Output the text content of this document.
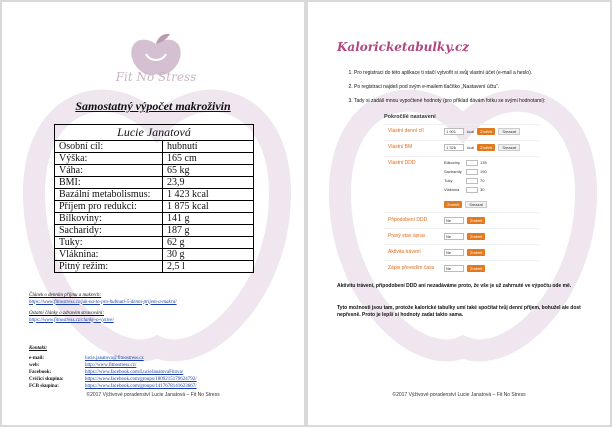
Fit No Stress
Samostatný výpočet makroživin
Lucie Janatová	
Osobní cíl:	hubnutí
Výška:	165 cm
Váha:	65 kg
BMI:	23,9
Bazální metabolismus:	1 423 kcal
Příjem pro redukci:	1 875 kcal
Bílkoviny:	141 g
Sacharidy:	187 g
Tuky:	62 g
Vláknina:	30 g
Pitný režim:	2,5 l
Článek o denním příjmu a makrech:
https://www.fitnostress.cz/jak-na-to-pro-hubnuti-5-denni-prijem-a-makra/
Ostatní články o zdravém stravování:
https://www.fitnostress.cz/clanky-o-vyzive/
Kontakt:
e-mail:	lucie.janatova@fitnostress.cz
web:	http://www.fitnostress.cz/
Facebook:	https://www.facebook.com/LucieJanatovaFitova/
Cvičící skupina:	https://www.facebook.com/groups/1809215179624792/
FCB skupina:	https://www.facebook.com/groups/1417678141623667/
©2017 Výživové poradenství Lucie Janatová – Fit No Stress
Kaloricketabulky.cz
1. Pro registraci do této aplikace ti stačí vytvořit si svůj vlastní účet (e-mail a heslo).
2. Po registraci najdeš pod svým e-mailem tlačítko „Nastavení účtu“.
3. Tady si zadáš mnou vypočtené hodnoty (pro příklad dávám fotku se svými hodnotami):
Pokročilé nastavení
Vlastní denní cíl	1 901	kcal	Změnit	Smazat
Vlastní BM	1 326	kcal	Změnit	Smazat
Vlastní DDD	Bílkoviny	135
Sacharidy	190
Tuky	70
Vláknina	30
Změnit	Smazat
Připodobení DDD	Ne	Změnit
Pravý stav úprav	Ne	Změnit
Aktivita trávení	Ne	Změnit
Zápis převedím času	Ne	Změnit
Aktivitu trávení, připodobení DDD ani nezadáváme proto, že vše je už zahrnuté ve výpočtu ode mě.
Tyto možnosti jsou tam, protože kalorické tabulky umí také spočítat tvůj denní příjem, bohužel ale dost nepřesně. Proto je lepší si hodnoty zadat takto sama.
©2017 Výživové poradenství Lucie Janatová – Fit No Stress
